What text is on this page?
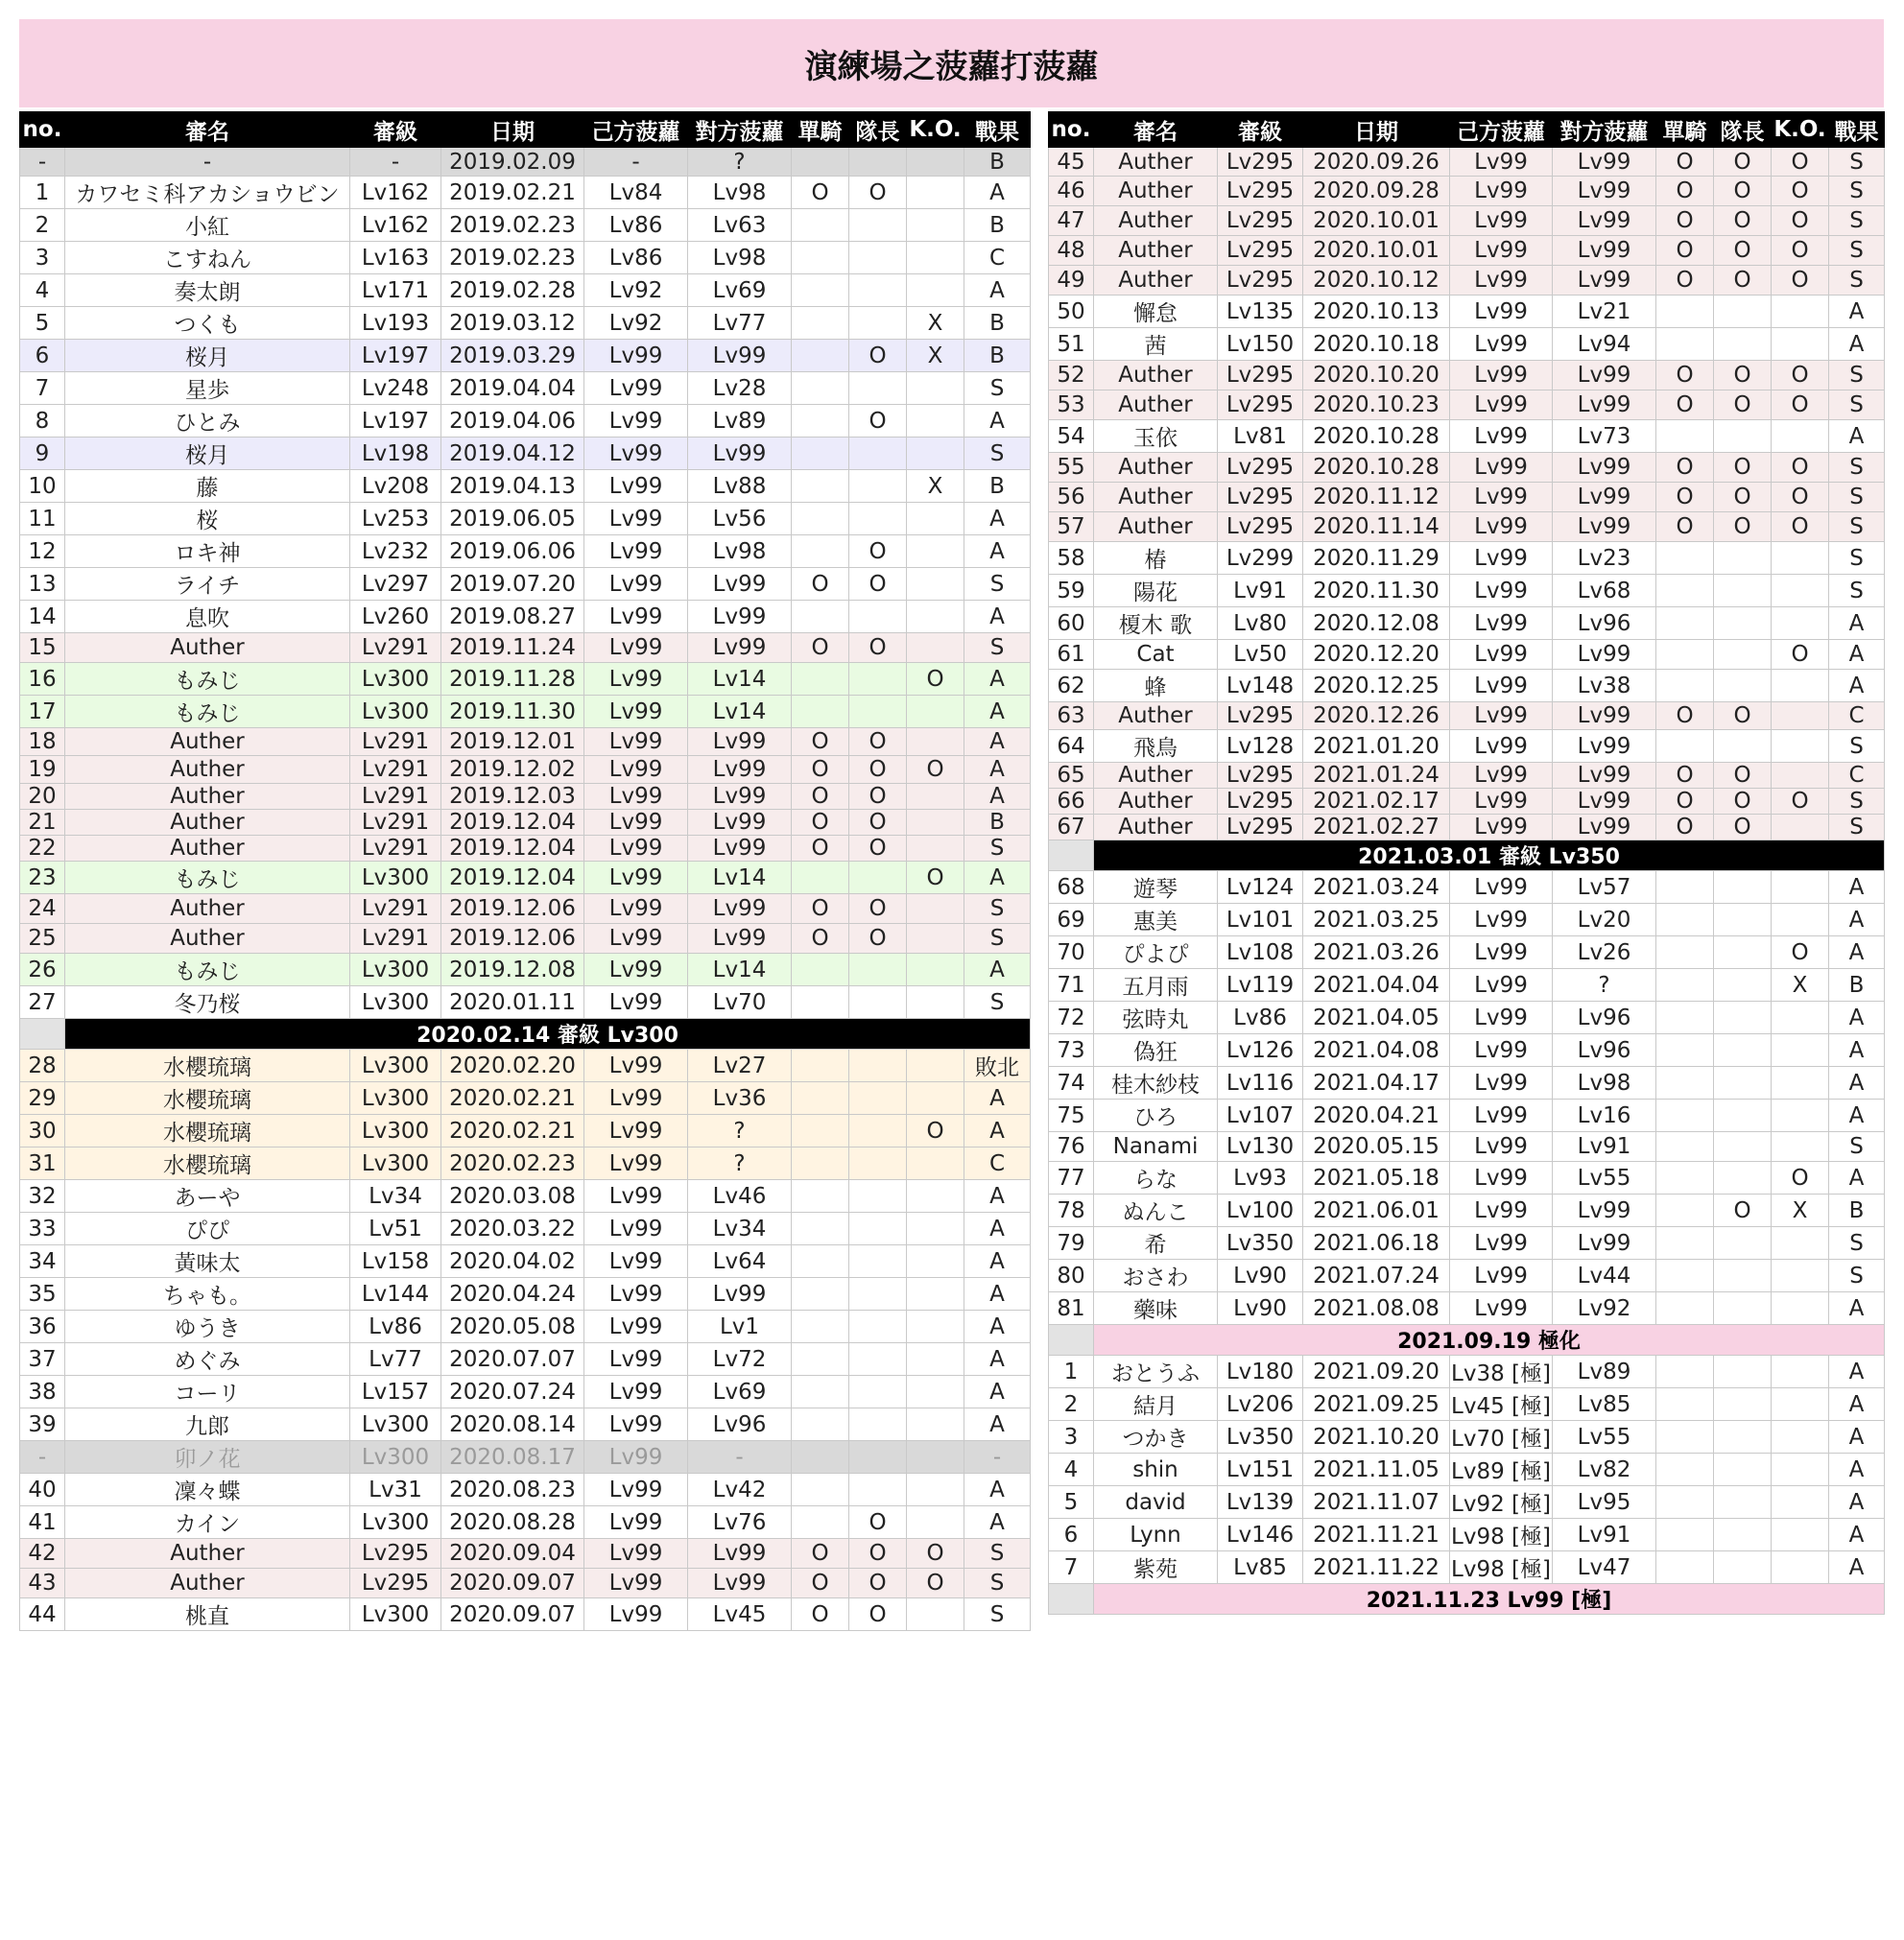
演練場之菠蘿打菠蘿
no.	審名	審級	日期	己方菠蘿	對方菠蘿	單騎	隊長	K.O.	戰果
-	-	-	2019.02.09	-	?				B
1	カワセミ科アカショウビン	Lv162	2019.02.21	Lv84	Lv98	O	O		A
2	小紅	Lv162	2019.02.23	Lv86	Lv63				B
3	こすねん	Lv163	2019.02.23	Lv86	Lv98				C
4	奏太朗	Lv171	2019.02.28	Lv92	Lv69				A
5	つくも	Lv193	2019.03.12	Lv92	Lv77			X	B
6	桜月	Lv197	2019.03.29	Lv99	Lv99		O	X	B
7	星歩	Lv248	2019.04.04	Lv99	Lv28				S
8	ひとみ	Lv197	2019.04.06	Lv99	Lv89		O		A
9	桜月	Lv198	2019.04.12	Lv99	Lv99				S
10	藤	Lv208	2019.04.13	Lv99	Lv88			X	B
11	桜	Lv253	2019.06.05	Lv99	Lv56				A
12	ロキ神	Lv232	2019.06.06	Lv99	Lv98		O		A
13	ライチ	Lv297	2019.07.20	Lv99	Lv99	O	O		S
14	息吹	Lv260	2019.08.27	Lv99	Lv99				A
15	Auther	Lv291	2019.11.24	Lv99	Lv99	O	O		S
16	もみじ	Lv300	2019.11.28	Lv99	Lv14			O	A
17	もみじ	Lv300	2019.11.30	Lv99	Lv14				A
18	Auther	Lv291	2019.12.01	Lv99	Lv99	O	O		A
19	Auther	Lv291	2019.12.02	Lv99	Lv99	O	O	O	A
20	Auther	Lv291	2019.12.03	Lv99	Lv99	O	O		A
21	Auther	Lv291	2019.12.04	Lv99	Lv99	O	O		B
22	Auther	Lv291	2019.12.04	Lv99	Lv99	O	O		S
23	もみじ	Lv300	2019.12.04	Lv99	Lv14			O	A
24	Auther	Lv291	2019.12.06	Lv99	Lv99	O	O		S
25	Auther	Lv291	2019.12.06	Lv99	Lv99	O	O		S
26	もみじ	Lv300	2019.12.08	Lv99	Lv14				A
27	冬乃桜	Lv300	2020.01.11	Lv99	Lv70				S
	2020.02.14 審級 Lv300								
28	水櫻琉璃	Lv300	2020.02.20	Lv99	Lv27				敗北
29	水櫻琉璃	Lv300	2020.02.21	Lv99	Lv36				A
30	水櫻琉璃	Lv300	2020.02.21	Lv99	?			O	A
31	水櫻琉璃	Lv300	2020.02.23	Lv99	?				C
32	あーや	Lv34	2020.03.08	Lv99	Lv46				A
33	ぴぴ	Lv51	2020.03.22	Lv99	Lv34				A
34	黃味太	Lv158	2020.04.02	Lv99	Lv64				A
35	ちゃも。	Lv144	2020.04.24	Lv99	Lv99				A
36	ゆうき	Lv86	2020.05.08	Lv99	Lv1				A
37	めぐみ	Lv77	2020.07.07	Lv99	Lv72				A
38	コーリ	Lv157	2020.07.24	Lv99	Lv69				A
39	九郎	Lv300	2020.08.14	Lv99	Lv96				A
-	卯ノ花	Lv300	2020.08.17	Lv99	-				-
40	凜々蝶	Lv31	2020.08.23	Lv99	Lv42				A
41	カイン	Lv300	2020.08.28	Lv99	Lv76		O		A
42	Auther	Lv295	2020.09.04	Lv99	Lv99	O	O	O	S
43	Auther	Lv295	2020.09.07	Lv99	Lv99	O	O	O	S
44	桃直	Lv300	2020.09.07	Lv99	Lv45	O	O		S
no.	審名	審級	日期	己方菠蘿	對方菠蘿	單騎	隊長	K.O.	戰果
45	Auther	Lv295	2020.09.26	Lv99	Lv99	O	O	O	S
46	Auther	Lv295	2020.09.28	Lv99	Lv99	O	O	O	S
47	Auther	Lv295	2020.10.01	Lv99	Lv99	O	O	O	S
48	Auther	Lv295	2020.10.01	Lv99	Lv99	O	O	O	S
49	Auther	Lv295	2020.10.12	Lv99	Lv99	O	O	O	S
50	懈怠	Lv135	2020.10.13	Lv99	Lv21				A
51	茜	Lv150	2020.10.18	Lv99	Lv94				A
52	Auther	Lv295	2020.10.20	Lv99	Lv99	O	O	O	S
53	Auther	Lv295	2020.10.23	Lv99	Lv99	O	O	O	S
54	玉依	Lv81	2020.10.28	Lv99	Lv73				A
55	Auther	Lv295	2020.10.28	Lv99	Lv99	O	O	O	S
56	Auther	Lv295	2020.11.12	Lv99	Lv99	O	O	O	S
57	Auther	Lv295	2020.11.14	Lv99	Lv99	O	O	O	S
58	椿	Lv299	2020.11.29	Lv99	Lv23				S
59	陽花	Lv91	2020.11.30	Lv99	Lv68				S
60	榎木 歌	Lv80	2020.12.08	Lv99	Lv96				A
61	Cat	Lv50	2020.12.20	Lv99	Lv99			O	A
62	蜂	Lv148	2020.12.25	Lv99	Lv38				A
63	Auther	Lv295	2020.12.26	Lv99	Lv99	O	O		C
64	飛鳥	Lv128	2021.01.20	Lv99	Lv99				S
65	Auther	Lv295	2021.01.24	Lv99	Lv99	O	O		C
66	Auther	Lv295	2021.02.17	Lv99	Lv99	O	O	O	S
67	Auther	Lv295	2021.02.27	Lv99	Lv99	O	O		S
	2021.03.01 審級 Lv350								
68	遊琴	Lv124	2021.03.24	Lv99	Lv57				A
69	惠美	Lv101	2021.03.25	Lv99	Lv20				A
70	ぴよぴ	Lv108	2021.03.26	Lv99	Lv26			O	A
71	五月雨	Lv119	2021.04.04	Lv99	?			X	B
72	弦時丸	Lv86	2021.04.05	Lv99	Lv96				A
73	偽狂	Lv126	2021.04.08	Lv99	Lv96				A
74	桂木紗枝	Lv116	2021.04.17	Lv99	Lv98				A
75	ひろ	Lv107	2020.04.21	Lv99	Lv16				A
76	Nanami	Lv130	2020.05.15	Lv99	Lv91				S
77	らな	Lv93	2021.05.18	Lv99	Lv55			O	A
78	ぬんこ	Lv100	2021.06.01	Lv99	Lv99		O	X	B
79	希	Lv350	2021.06.18	Lv99	Lv99				S
80	おさわ	Lv90	2021.07.24	Lv99	Lv44				S
81	藥味	Lv90	2021.08.08	Lv99	Lv92				A
	2021.09.19 極化								
1	おとうふ	Lv180	2021.09.20	Lv38 [極]	Lv89				A
2	結月	Lv206	2021.09.25	Lv45 [極]	Lv85				A
3	つかき	Lv350	2021.10.20	Lv70 [極]	Lv55				A
4	shin	Lv151	2021.11.05	Lv89 [極]	Lv82				A
5	david	Lv139	2021.11.07	Lv92 [極]	Lv95				A
6	Lynn	Lv146	2021.11.21	Lv98 [極]	Lv91				A
7	紫苑	Lv85	2021.11.22	Lv98 [極]	Lv47				A
	2021.11.23 Lv99 [極]								
